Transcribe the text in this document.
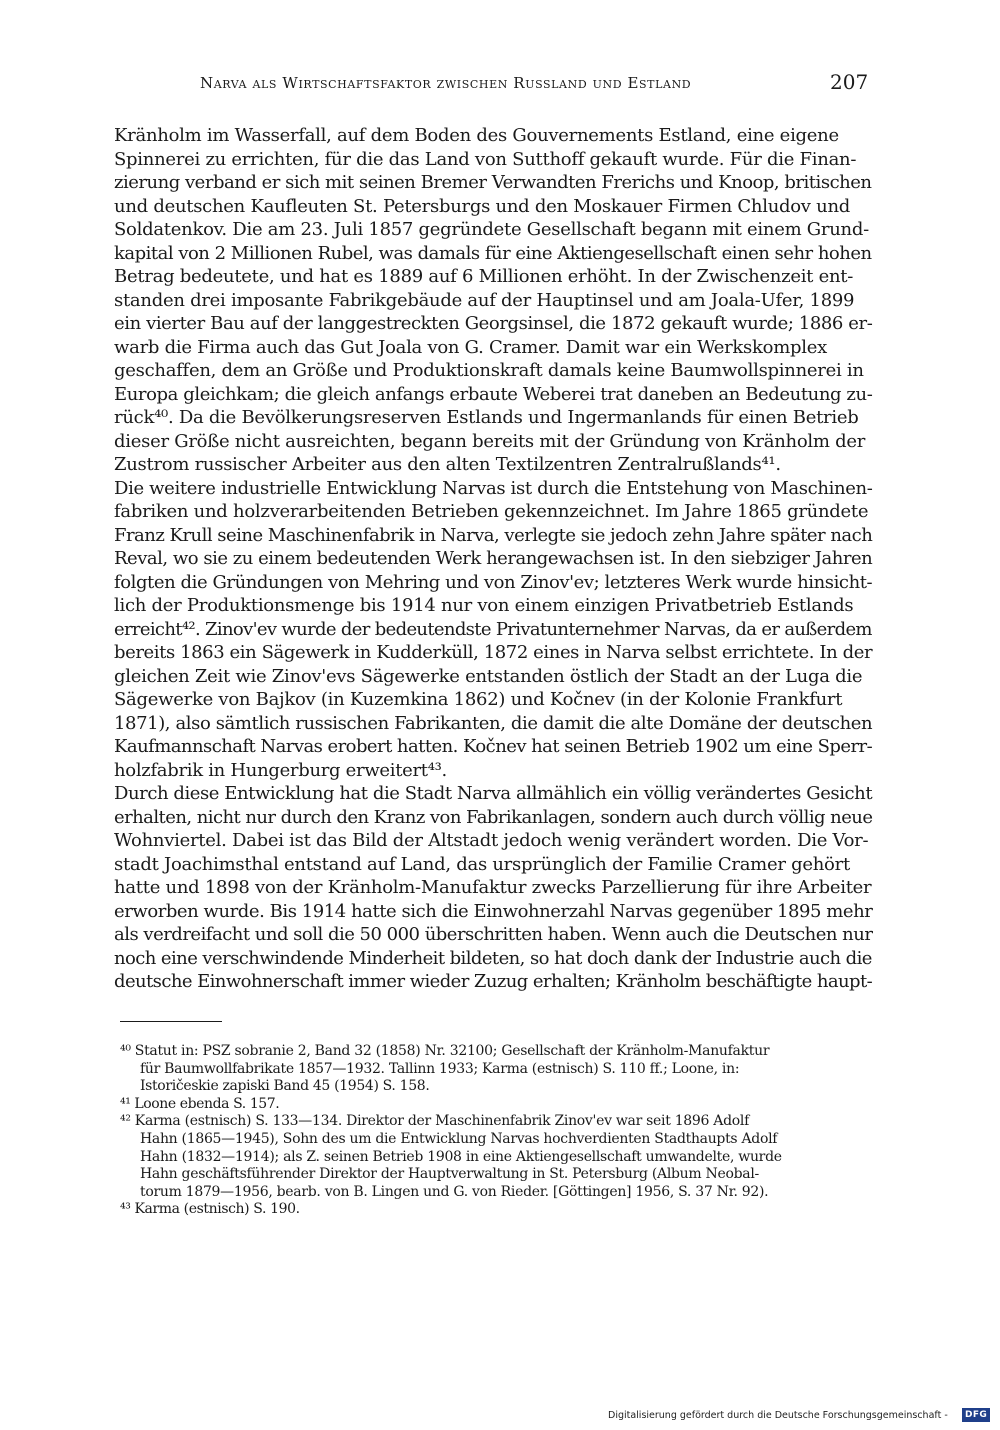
Narva als Wirtschaftsfaktor zwischen Russland und Estland	207
Kränholm im Wasserfall, auf dem Boden des Gouvernements Estland, eine eigene
Spinnerei zu errichten, für die das Land von Sutthoff gekauft wurde. Für die Finan-
zierung verband er sich mit seinen Bremer Verwandten Frerichs und Knoop, britischen
und deutschen Kaufleuten St. Petersburgs und den Moskauer Firmen Chludov und
Soldatenkov. Die am 23. Juli 1857 gegründete Gesellschaft begann mit einem Grund-
kapital von 2 Millionen Rubel, was damals für eine Aktiengesellschaft einen sehr hohen
Betrag bedeutete, und hat es 1889 auf 6 Millionen erhöht. In der Zwischenzeit ent-
standen drei imposante Fabrikgebäude auf der Hauptinsel und am Joala-Ufer, 1899
ein vierter Bau auf der langgestreckten Georgsinsel, die 1872 gekauft wurde; 1886 er-
warb die Firma auch das Gut Joala von G. Cramer. Damit war ein Werkskomplex
geschaffen, dem an Größe und Produktionskraft damals keine Baumwollspinnerei in
Europa gleichkam; die gleich anfangs erbaute Weberei trat daneben an Bedeutung zu-
rück⁴⁰. Da die Bevölkerungsreserven Estlands und Ingermanlands für einen Betrieb
dieser Größe nicht ausreichten, begann bereits mit der Gründung von Kränholm der
Zustrom russischer Arbeiter aus den alten Textilzentren Zentralrußlands⁴¹.
Die weitere industrielle Entwicklung Narvas ist durch die Entstehung von Maschinen-
fabriken und holzverarbeitenden Betrieben gekennzeichnet. Im Jahre 1865 gründete
Franz Krull seine Maschinenfabrik in Narva, verlegte sie jedoch zehn Jahre später nach
Reval, wo sie zu einem bedeutenden Werk herangewachsen ist. In den siebziger Jahren
folgten die Gründungen von Mehring und von Zinov'ev; letzteres Werk wurde hinsicht-
lich der Produktionsmenge bis 1914 nur von einem einzigen Privatbetrieb Estlands
erreicht⁴². Zinov'ev wurde der bedeutendste Privatunternehmer Narvas, da er außerdem
bereits 1863 ein Sägewerk in Kudderküll, 1872 eines in Narva selbst errichtete. In der
gleichen Zeit wie Zinov'evs Sägewerke entstanden östlich der Stadt an der Luga die
Sägewerke von Bajkov (in Kuzemkina 1862) und Kočnev (in der Kolonie Frankfurt
1871), also sämtlich russischen Fabrikanten, die damit die alte Domäne der deutschen
Kaufmannschaft Narvas erobert hatten. Kočnev hat seinen Betrieb 1902 um eine Sperr-
holzfabrik in Hungerburg erweitert⁴³.
Durch diese Entwicklung hat die Stadt Narva allmählich ein völlig verändertes Gesicht
erhalten, nicht nur durch den Kranz von Fabrikanlagen, sondern auch durch völlig neue
Wohnviertel. Dabei ist das Bild der Altstadt jedoch wenig verändert worden. Die Vor-
stadt Joachimsthal entstand auf Land, das ursprünglich der Familie Cramer gehört
hatte und 1898 von der Kränholm-Manufaktur zwecks Parzellierung für ihre Arbeiter
erworben wurde. Bis 1914 hatte sich die Einwohnerzahl Narvas gegenüber 1895 mehr
als verdreifacht und soll die 50 000 überschritten haben. Wenn auch die Deutschen nur
noch eine verschwindende Minderheit bildeten, so hat doch dank der Industrie auch die
deutsche Einwohnerschaft immer wieder Zuzug erhalten; Kränholm beschäftigte haupt-
⁴⁰ Statut in: PSZ sobranie 2, Band 32 (1858) Nr. 32100; Gesellschaft der Kränholm-Manufaktur
für Baumwollfabrikate 1857—1932. Tallinn 1933; Karma (estnisch) S. 110 ff.; Loone, in:
Istoričeskie zapiski Band 45 (1954) S. 158.
⁴¹ Loone ebenda S. 157.
⁴² Karma (estnisch) S. 133—134. Direktor der Maschinenfabrik Zinov'ev war seit 1896 Adolf
Hahn (1865—1945), Sohn des um die Entwicklung Narvas hochverdienten Stadthaupts Adolf
Hahn (1832—1914); als Z. seinen Betrieb 1908 in eine Aktiengesellschaft umwandelte, wurde
Hahn geschäftsführender Direktor der Hauptverwaltung in St. Petersburg (Album Neobal-
torum 1879—1956, bearb. von B. Lingen und G. von Rieder. [Göttingen] 1956, S. 37 Nr. 92).
⁴³ Karma (estnisch) S. 190.
Digitalisierung gefördert durch die Deutsche Forschungsgemeinschaft -	DFG
